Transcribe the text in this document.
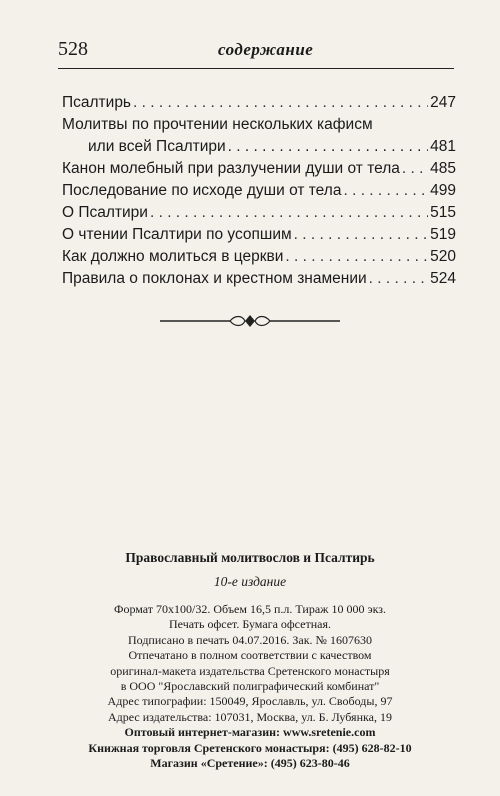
528	содержание
Псалтирь . . .	247
Молитвы по прочтении нескольких кафисм
или всей Псалтири . . .	481
Канон молебный при разлучении души от тела . . . 485
Последование по исходе души от тела . . .	499
О Псалтири . . .	515
О чтении Псалтири по усопшим . . .	519
Как должно молиться в церкви . . .	520
Правила о поклонах и крестном знамении . . .	524
Православный молитвослов и Псалтирь
10-е издание
Формат 70х100/32. Объем 16,5 п.л. Тираж 10 000 экз.
Печать офсет. Бумага офсетная.
Подписано в печать 04.07.2016. Зак. № 1607630
Отпечатано в полном соответствии с качеством
оригинал-макета издательства Сретенского монастыря
в ООО "Ярославский полиграфический комбинат"
Адрес типографии: 150049, Ярославль, ул. Свободы, 97
Адрес издательства: 107031, Москва, ул. Б. Лубянка, 19
Оптовый интернет-магазин: www.sretenie.com
Книжная торговля Сретенского монастыря: (495) 628-82-10
Магазин «Сретение»: (495) 623-80-46
